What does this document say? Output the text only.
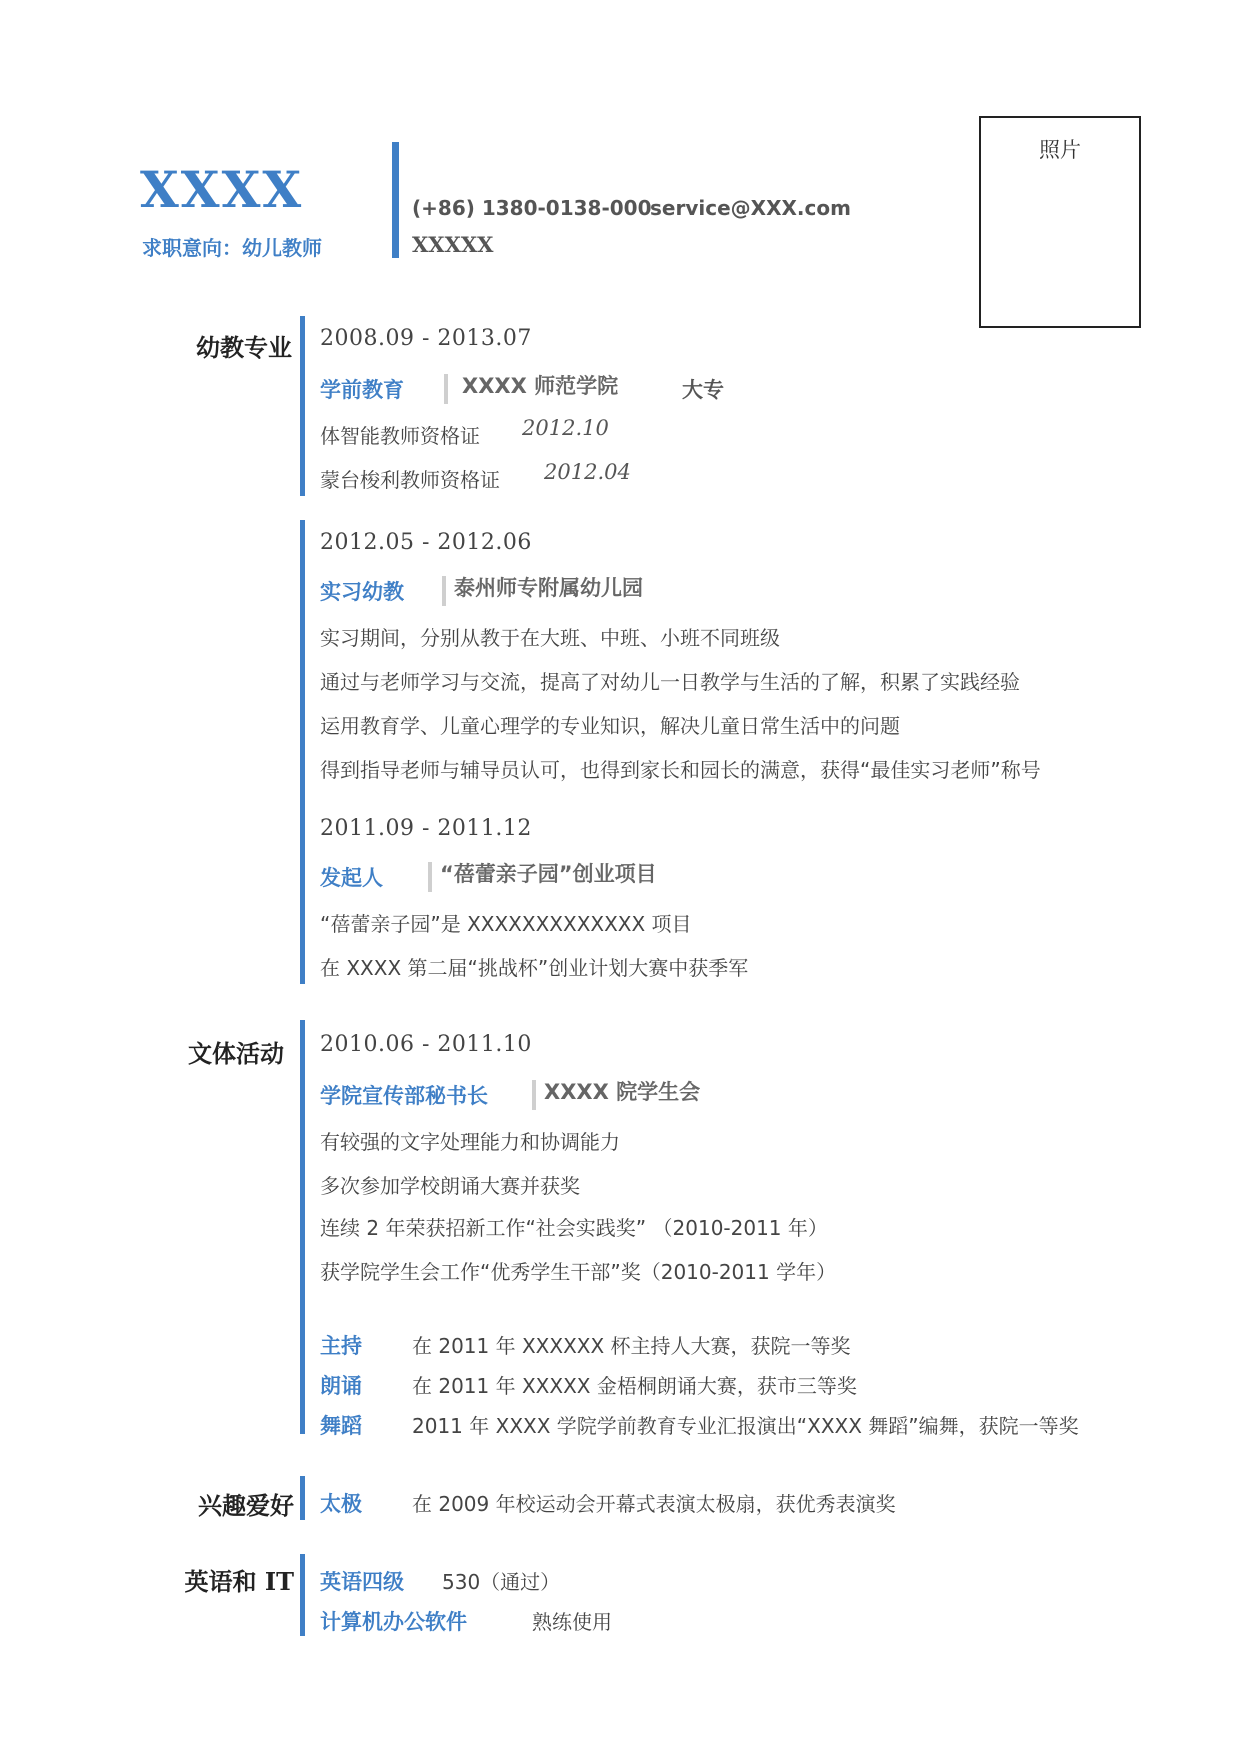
XXXX
求职意向：幼儿教师
(+86) 1380-0138-000
service@XXX.com
XXXXX
照片
幼教专业 2008.09 - 2013.07
学前教育	XXXX 师范学院	大专
体智能教师资格证 2012.10
蒙台梭利教师资格证 2012.04
2012.05 - 2012.06
实习幼教	泰州师专附属幼儿园
实习期间，分别从教于在大班、中班、小班不同班级
通过与老师学习与交流，提高了对幼儿一日教学与生活的了解，积累了实践经验
运用教育学、儿童心理学的专业知识，解决儿童日常生活中的问题
得到指导老师与辅导员认可，也得到家长和园长的满意，获得“最佳实习老师”称号
2011.09 - 2011.12
发起人	“蓓蕾亲子园”创业项目
“蓓蕾亲子园”是 XXXXXXXXXXXXX 项目
在 XXXX 第二届“挑战杯”创业计划大赛中获季军
文体活动 2010.06 - 2011.10
学院宣传部秘书长	XXXX 院学生会
有较强的文字处理能力和协调能力
多次参加学校朗诵大赛并获奖
连续 2 年荣获招新工作“社会实践奖” （2010-2011 年）
获学院学生会工作“优秀学生干部”奖（2010-2011 学年）
主持	在 2011 年 XXXXXX 杯主持人大赛，获院一等奖
朗诵	在 2011 年 XXXXX 金梧桐朗诵大赛，获市三等奖
舞蹈	2011 年 XXXX 学院学前教育专业汇报演出“XXXX 舞蹈”编舞，获院一等奖
兴趣爱好 太极	在 2009 年校运动会开幕式表演太极扇，获优秀表演奖
英语和 IT 英语四级 530（通过）
计算机办公软件	熟练使用
